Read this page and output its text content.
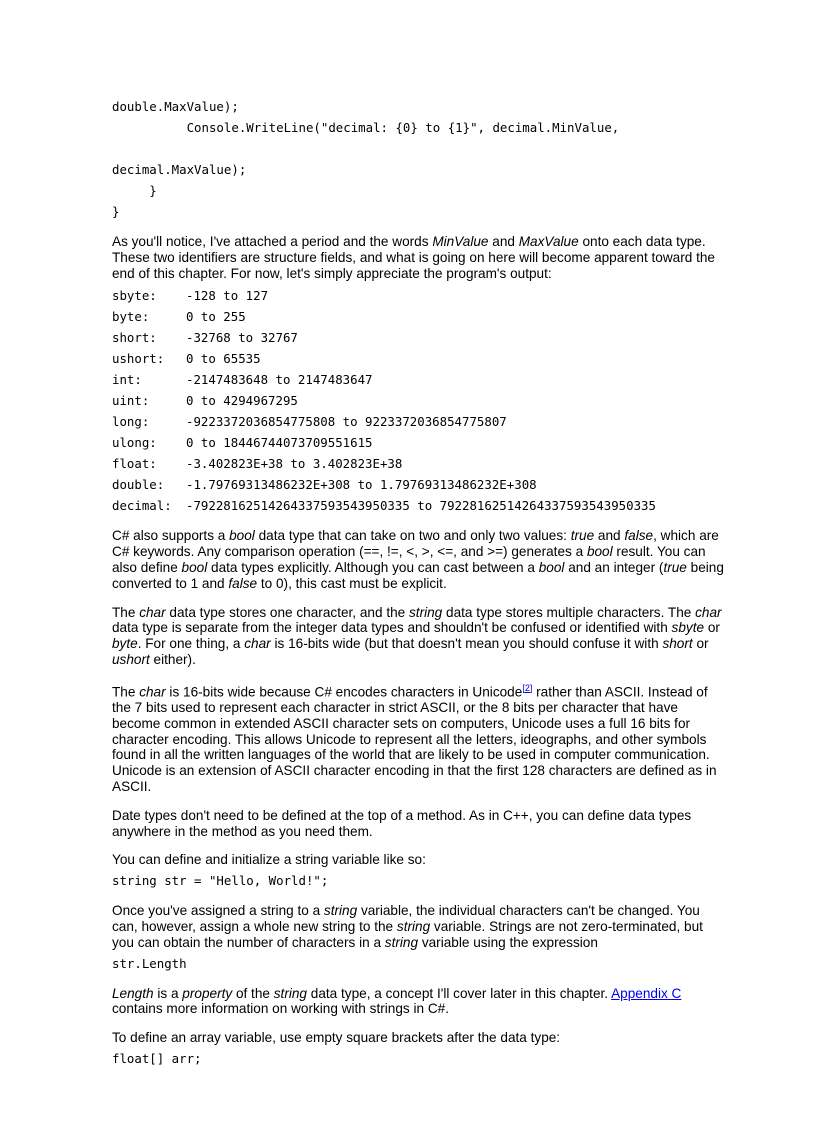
double.MaxValue);
Console.WriteLine("decimal: {0} to {1}", decimal.MinValue,

decimal.MaxValue);
}
}

As you'll notice, I've attached a period and the words MinValue and MaxValue onto each data type. These two identifiers are structure fields, and what is going on here will become apparent toward the end of this chapter. For now, let's simply appreciate the program's output:

sbyte:	-128 to 127
byte:	0 to 255
short:	-32768 to 32767
ushort:	0 to 65535
int:	-2147483648 to 2147483647
uint:	0 to 4294967295
long:	-9223372036854775808 to 9223372036854775807
ulong:	0 to 18446744073709551615
float:	-3.402823E+38 to 3.402823E+38
double:	-1.79769313486232E+308 to 1.79769313486232E+308
decimal:	-79228162514264337593543950335 to 79228162514264337593543950335

C# also supports a bool data type that can take on two and only two values: true and false, which are C# keywords. Any comparison operation (==, !=, <, >, <=, and >=) generates a bool result. You can also define bool data types explicitly. Although you can cast between a bool and an integer (true being converted to 1 and false to 0), this cast must be explicit.

The char data type stores one character, and the string data type stores multiple characters. The char data type is separate from the integer data types and shouldn't be confused or identified with sbyte or byte. For one thing, a char is 16-bits wide (but that doesn't mean you should confuse it with short or ushort either).

The char is 16-bits wide because C# encodes characters in Unicode[2] rather than ASCII. Instead of the 7 bits used to represent each character in strict ASCII, or the 8 bits per character that have become common in extended ASCII character sets on computers, Unicode uses a full 16 bits for character encoding. This allows Unicode to represent all the letters, ideographs, and other symbols found in all the written languages of the world that are likely to be used in computer communication. Unicode is an extension of ASCII character encoding in that the first 128 characters are defined as in ASCII.

Date types don't need to be defined at the top of a method. As in C++, you can define data types anywhere in the method as you need them.

You can define and initialize a string variable like so:

string str = "Hello, World!";

Once you've assigned a string to a string variable, the individual characters can't be changed. You can, however, assign a whole new string to the string variable. Strings are not zero-terminated, but you can obtain the number of characters in a string variable using the expression

str.Length

Length is a property of the string data type, a concept I'll cover later in this chapter. Appendix C contains more information on working with strings in C#.

To define an array variable, use empty square brackets after the data type:

float[] arr;
